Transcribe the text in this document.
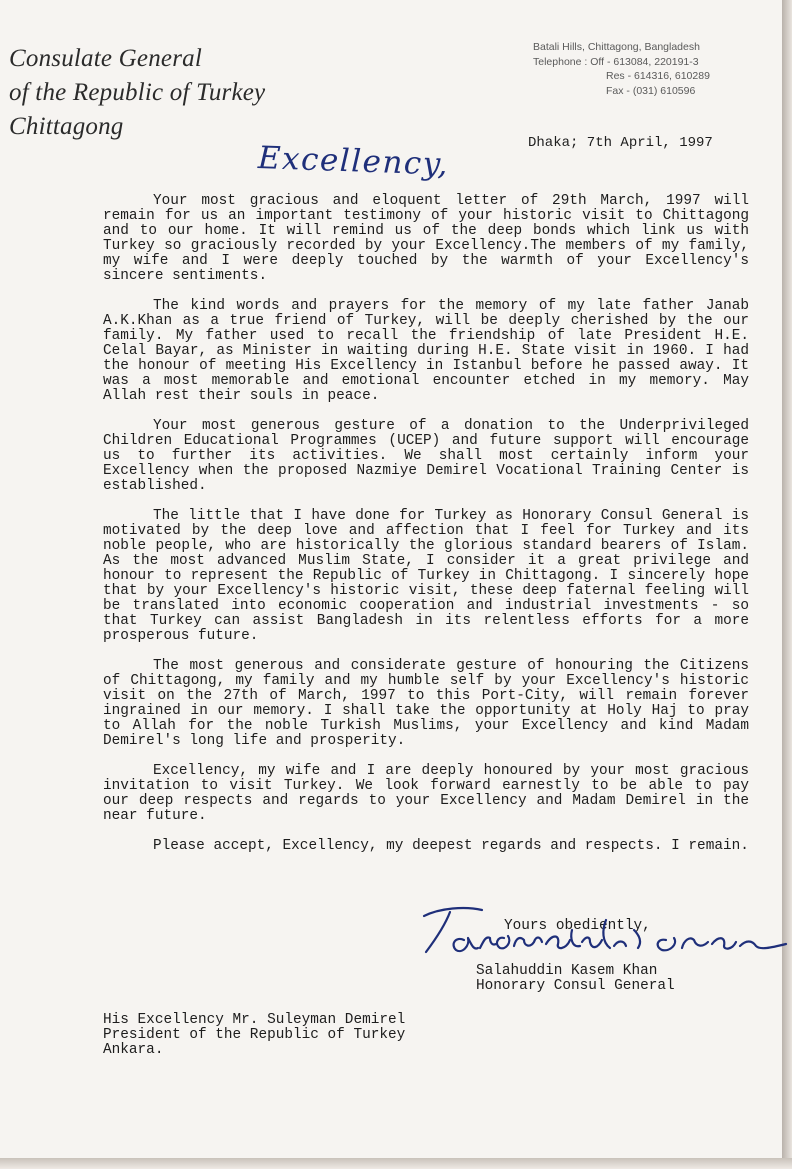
Consulate General
of the Republic of Turkey
Chittagong
Batali Hills, Chittagong, Bangladesh
Telephone : Off - 613084, 220191-3
Res - 614316, 610289
Fax - (031) 610596
Dhaka; 7th April, 1997
Excellency,

Your most gracious and eloquent letter of 29th March, 1997 will remain for us an important testimony of your historic visit to Chittagong and to our home. It will remind us of the deep bonds which link us with Turkey so graciously recorded by your Excellency.The members of my family, my wife and I were deeply touched by the warmth of your Excellency's sincere sentiments.

The kind words and prayers for the memory of my late father Janab A.K.Khan as a true friend of Turkey, will be deeply cherished by the our family. My father used to recall the friendship of late President H.E. Celal Bayar, as Minister in waiting during H.E. State visit in 1960. I had the honour of meeting His Excellency in Istanbul before he passed away. It was a most memorable and emotional encounter etched in my memory. May Allah rest their souls in peace.

Your most generous gesture of a donation to the Underprivileged Children Educational Programmes (UCEP) and future support will encourage us to further its activities. We shall most certainly inform your Excellency when the proposed Nazmiye Demirel Vocational Training Center is established.

The little that I have done for Turkey as Honorary Consul General is motivated by the deep love and affection that I feel for Turkey and its noble people, who are historically the glorious standard bearers of Islam. As the most advanced Muslim State, I consider it a great privilege and honour to represent the Republic of Turkey in Chittagong. I sincerely hope that by your Excellency's historic visit, these deep faternal feeling will be translated into economic cooperation and industrial investments - so that Turkey can assist Bangladesh in its relentless efforts for a more prosperous future.

The most generous and considerate gesture of honouring the Citizens of Chittagong, my family and my humble self by your Excellency's historic visit on the 27th of March, 1997 to this Port-City, will remain forever ingrained in our memory. I shall take the opportunity at Holy Haj to pray to Allah for the noble Turkish Muslims, your Excellency and kind Madam Demirel's long life and prosperity.

Excellency, my wife and I are deeply honoured by your most gracious invitation to visit Turkey. We look forward earnestly to be able to pay our deep respects and regards to your Excellency and Madam Demirel in the near future.

Please accept, Excellency, my deepest regards and respects. I remain.

Yours obediently,
Salahuddin Kasem Khan
Honorary Consul General
His Excellency Mr. Suleyman Demirel
President of the Republic of Turkey
Ankara.
